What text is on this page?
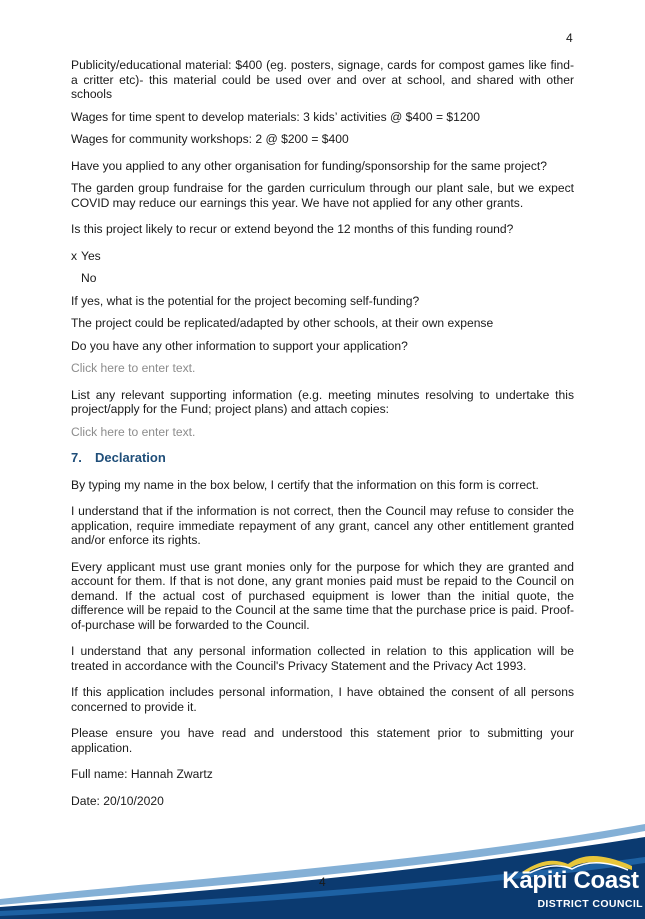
4

Publicity/educational material: $400 (eg. posters, signage, cards for compost games like find-a critter etc)- this material could be used over and over at school, and shared with other schools

Wages for time spent to develop materials: 3 kids’ activities @ $400 = $1200

Wages for community workshops: 2 @ $200 = $400

Have you applied to any other organisation for funding/sponsorship for the same project?

The garden group fundraise for the garden curriculum through our plant sale, but we expect COVID may reduce our earnings this year. We have not applied for any other grants.

Is this project likely to recur or extend beyond the 12 months of this funding round?

x Yes
No

If yes, what is the potential for the project becoming self-funding?

The project could be replicated/adapted by other schools, at their own expense

Do you have any other information to support your application?

Click here to enter text.

List any relevant supporting information (e.g. meeting minutes resolving to undertake this project/apply for the Fund; project plans) and attach copies:

Click here to enter text.

7. Declaration

By typing my name in the box below, I certify that the information on this form is correct.

I understand that if the information is not correct, then the Council may refuse to consider the application, require immediate repayment of any grant, cancel any other entitlement granted and/or enforce its rights.

Every applicant must use grant monies only for the purpose for which they are granted and account for them. If that is not done, any grant monies paid must be repaid to the Council on demand. If the actual cost of purchased equipment is lower than the initial quote, the difference will be repaid to the Council at the same time that the purchase price is paid. Proof-of-purchase will be forwarded to the Council.

I understand that any personal information collected in relation to this application will be treated in accordance with the Council's Privacy Statement and the Privacy Act 1993.

If this application includes personal information, I have obtained the consent of all persons concerned to provide it.

Please ensure you have read and understood this statement prior to submitting your application.

Full name: Hannah Zwartz

Date: 20/10/2020

4	Kāpiti Coast
DISTRICT COUNCIL
